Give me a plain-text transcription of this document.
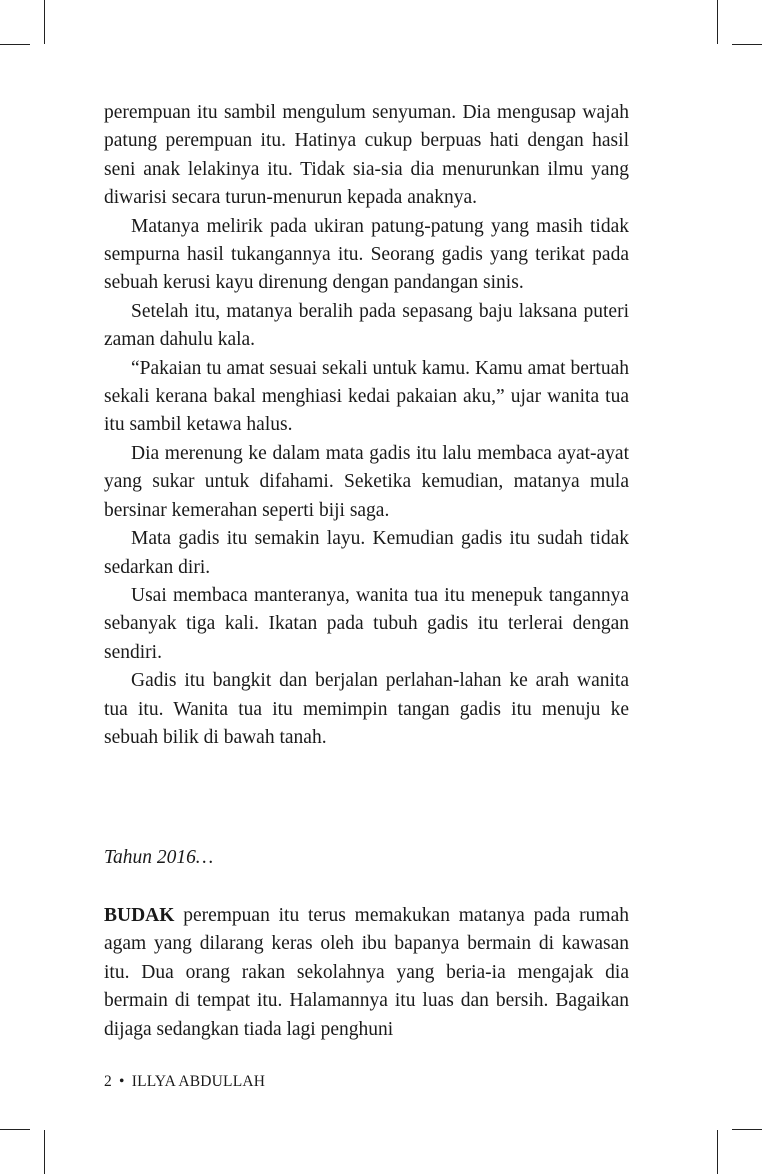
perempuan itu sambil mengulum senyuman. Dia mengusap wajah patung perempuan itu. Hatinya cukup berpuas hati dengan hasil seni anak lelakinya itu. Tidak sia-sia dia menurunkan ilmu yang diwarisi secara turun-menurun kepada anaknya.

Matanya melirik pada ukiran patung-patung yang masih tidak sempurna hasil tukangannya itu. Seorang gadis yang terikat pada sebuah kerusi kayu direnung dengan pandangan sinis.

Setelah itu, matanya beralih pada sepasang baju laksana puteri zaman dahulu kala.

“Pakaian tu amat sesuai sekali untuk kamu. Kamu amat bertuah sekali kerana bakal menghiasi kedai pakaian aku,” ujar wanita tua itu sambil ketawa halus.

Dia merenung ke dalam mata gadis itu lalu membaca ayat-ayat yang sukar untuk difahami. Seketika kemudian, matanya mula bersinar kemerahan seperti biji saga.

Mata gadis itu semakin layu. Kemudian gadis itu sudah tidak sedarkan diri.

Usai membaca manteranya, wanita tua itu menepuk tangannya sebanyak tiga kali. Ikatan pada tubuh gadis itu terlerai dengan sendiri.

Gadis itu bangkit dan berjalan perlahan-lahan ke arah wanita tua itu. Wanita tua itu memimpin tangan gadis itu menuju ke sebuah bilik di bawah tanah.

Tahun 2016…

BUDAK perempuan itu terus memakukan matanya pada rumah agam yang dilarang keras oleh ibu bapanya bermain di kawasan itu. Dua orang rakan sekolahnya yang beria-ia mengajak dia bermain di tempat itu. Halamannya itu luas dan bersih. Bagaikan dijaga sedangkan tiada lagi penghuni

2 • ILLYA ABDULLAH
